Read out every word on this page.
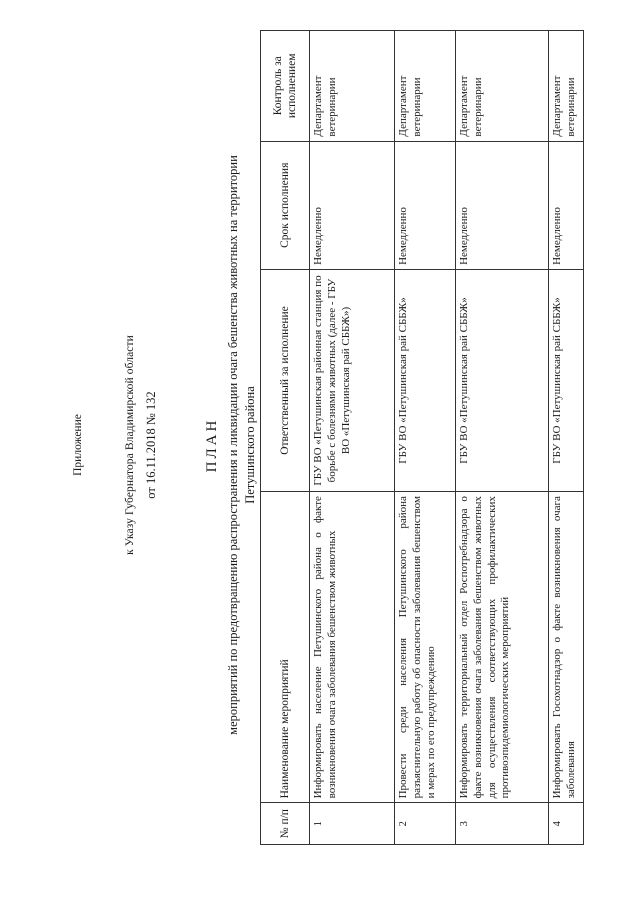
Приложение	к Указу Губернатора Владимирской области от 16.11.2018 № 132	ПЛАН мероприятий по предотвращению распространения и ликвидации очага бешенства животных на территории Петушинского района
№ п/п	Наименование мероприятий	Ответственный за исполнение	Срок исполнения	Контроль за исполнением
1	Информировать население Петушинского района о факте возникновения очага заболевания бешенством животных	ГБУ ВО «Петушинская районная станция по борьбе с болезнями животных (далее - ГБУ ВО «Петушинская рай СББЖ»)	Немедленно	Департамент ветеринарии
2	Провести среди населения Петушинского района разъяснительную работу об опасности заболевания бешенством и мерах по его предупреждению	ГБУ ВО «Петушинская рай СББЖ»	Немедленно	Департамент ветеринарии
3	Информировать территориальный отдел Роспотребнадзора о факте возникновения очага заболевания бешенством животных для осуществления соответствующих профилактических противоэпидемиологических мероприятий	ГБУ ВО «Петушинская рай СББЖ»	Немедленно	Департамент ветеринарии
4	Информировать Госохотнадзор о факте возникновения очага заболевания	ГБУ ВО «Петушинская рай СББЖ»	Немедленно	Департамент ветеринарии
